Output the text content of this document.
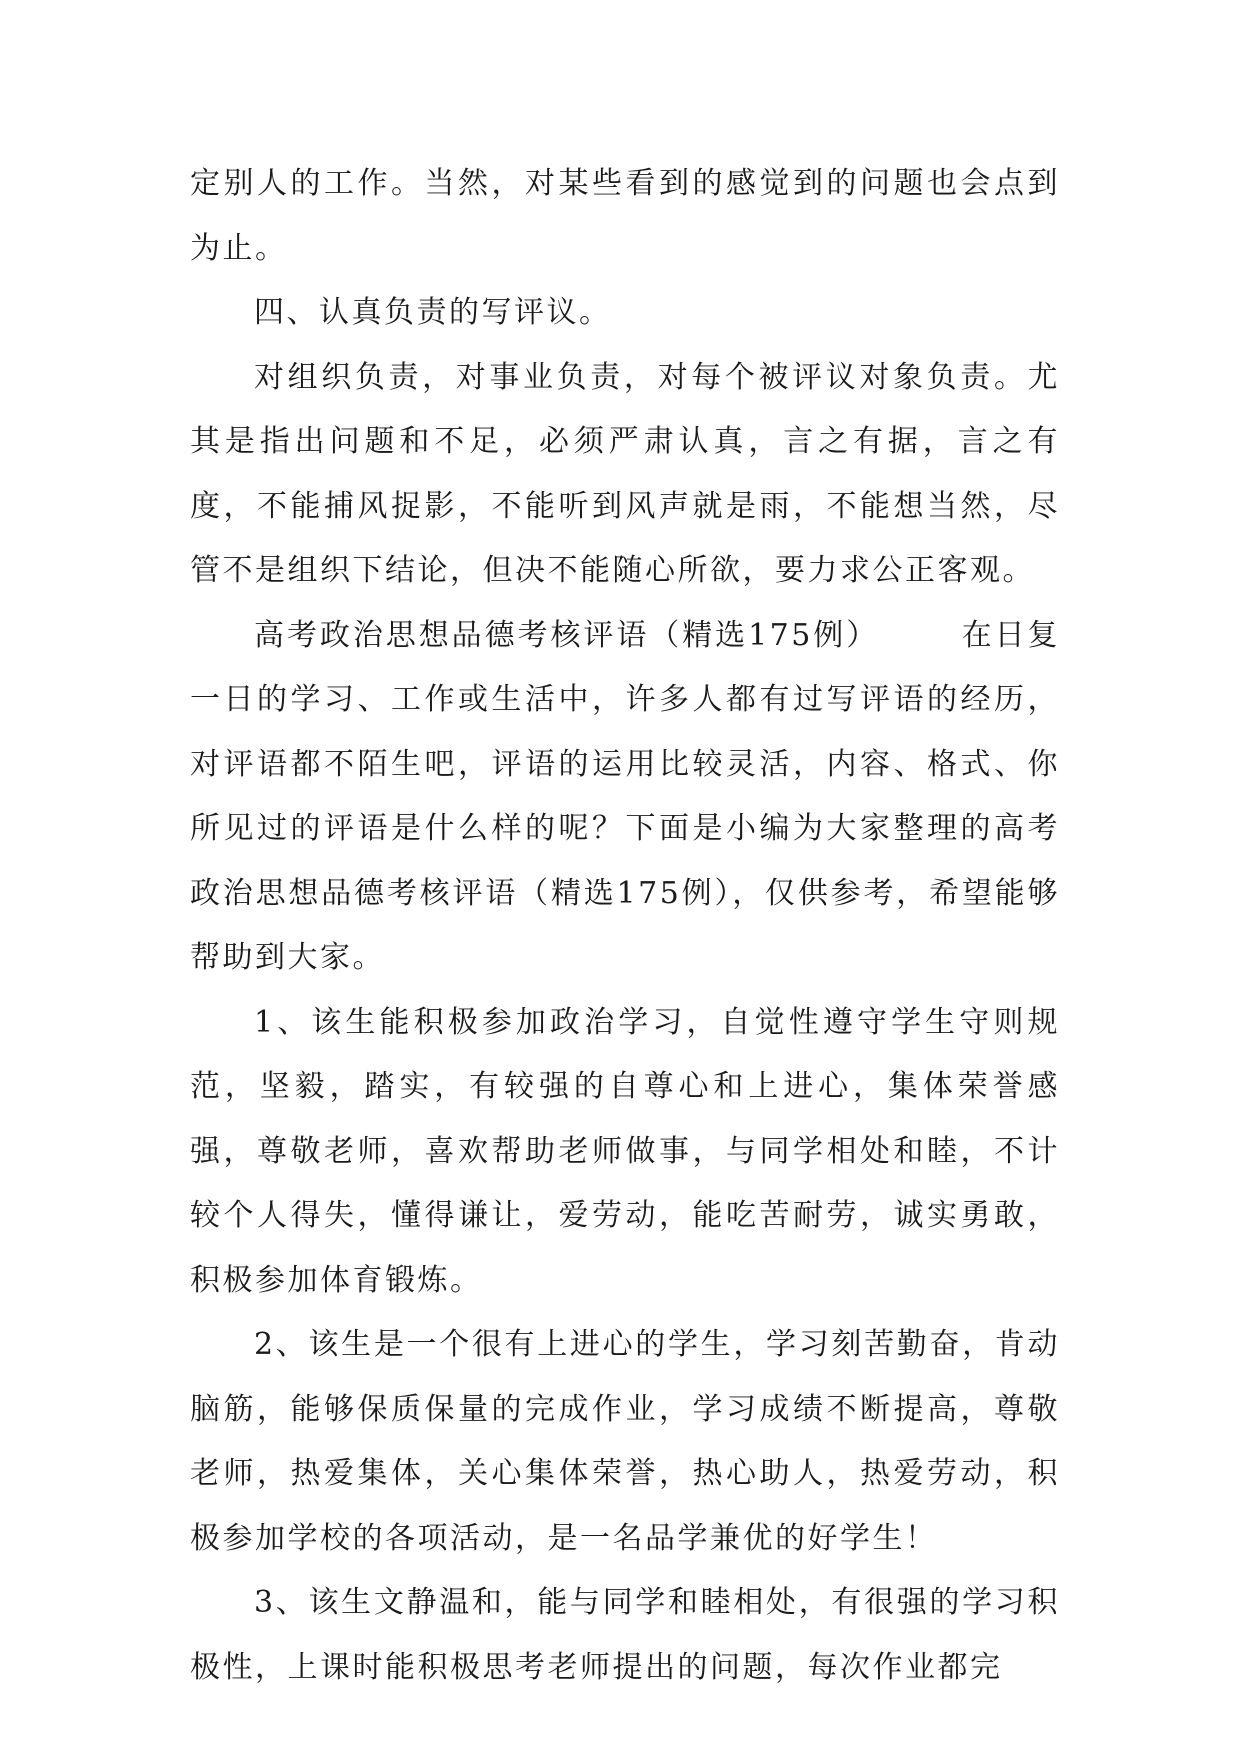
定别人的工作。当然，对某些看到的感觉到的问题也会点到为止。

四、认真负责的写评议。

对组织负责，对事业负责，对每个被评议对象负责。尤其是指出问题和不足，必须严肃认真，言之有据，言之有度，不能捕风捉影，不能听到风声就是雨，不能想当然，尽管不是组织下结论，但决不能随心所欲，要力求公正客观。

高考政治思想品德考核评语（精选175例）	在日复一日的学习、工作或生活中，许多人都有过写评语的经历，对评语都不陌生吧，评语的运用比较灵活，内容、格式、你所见过的评语是什么样的呢？下面是小编为大家整理的高考政治思想品德考核评语（精选175例），仅供参考，希望能够帮助到大家。

1、该生能积极参加政治学习，自觉性遵守学生守则规范，坚毅，踏实，有较强的自尊心和上进心，集体荣誉感强，尊敬老师，喜欢帮助老师做事，与同学相处和睦，不计较个人得失，懂得谦让，爱劳动，能吃苦耐劳，诚实勇敢，积极参加体育锻炼。

2、该生是一个很有上进心的学生，学习刻苦勤奋，肯动脑筋，能够保质保量的完成作业，学习成绩不断提高，尊敬老师，热爱集体，关心集体荣誉，热心助人，热爱劳动，积极参加学校的各项活动，是一名品学兼优的好学生！

3、该生文静温和，能与同学和睦相处，有很强的学习积极性，上课时能积极思考老师提出的问题，每次作业都完
